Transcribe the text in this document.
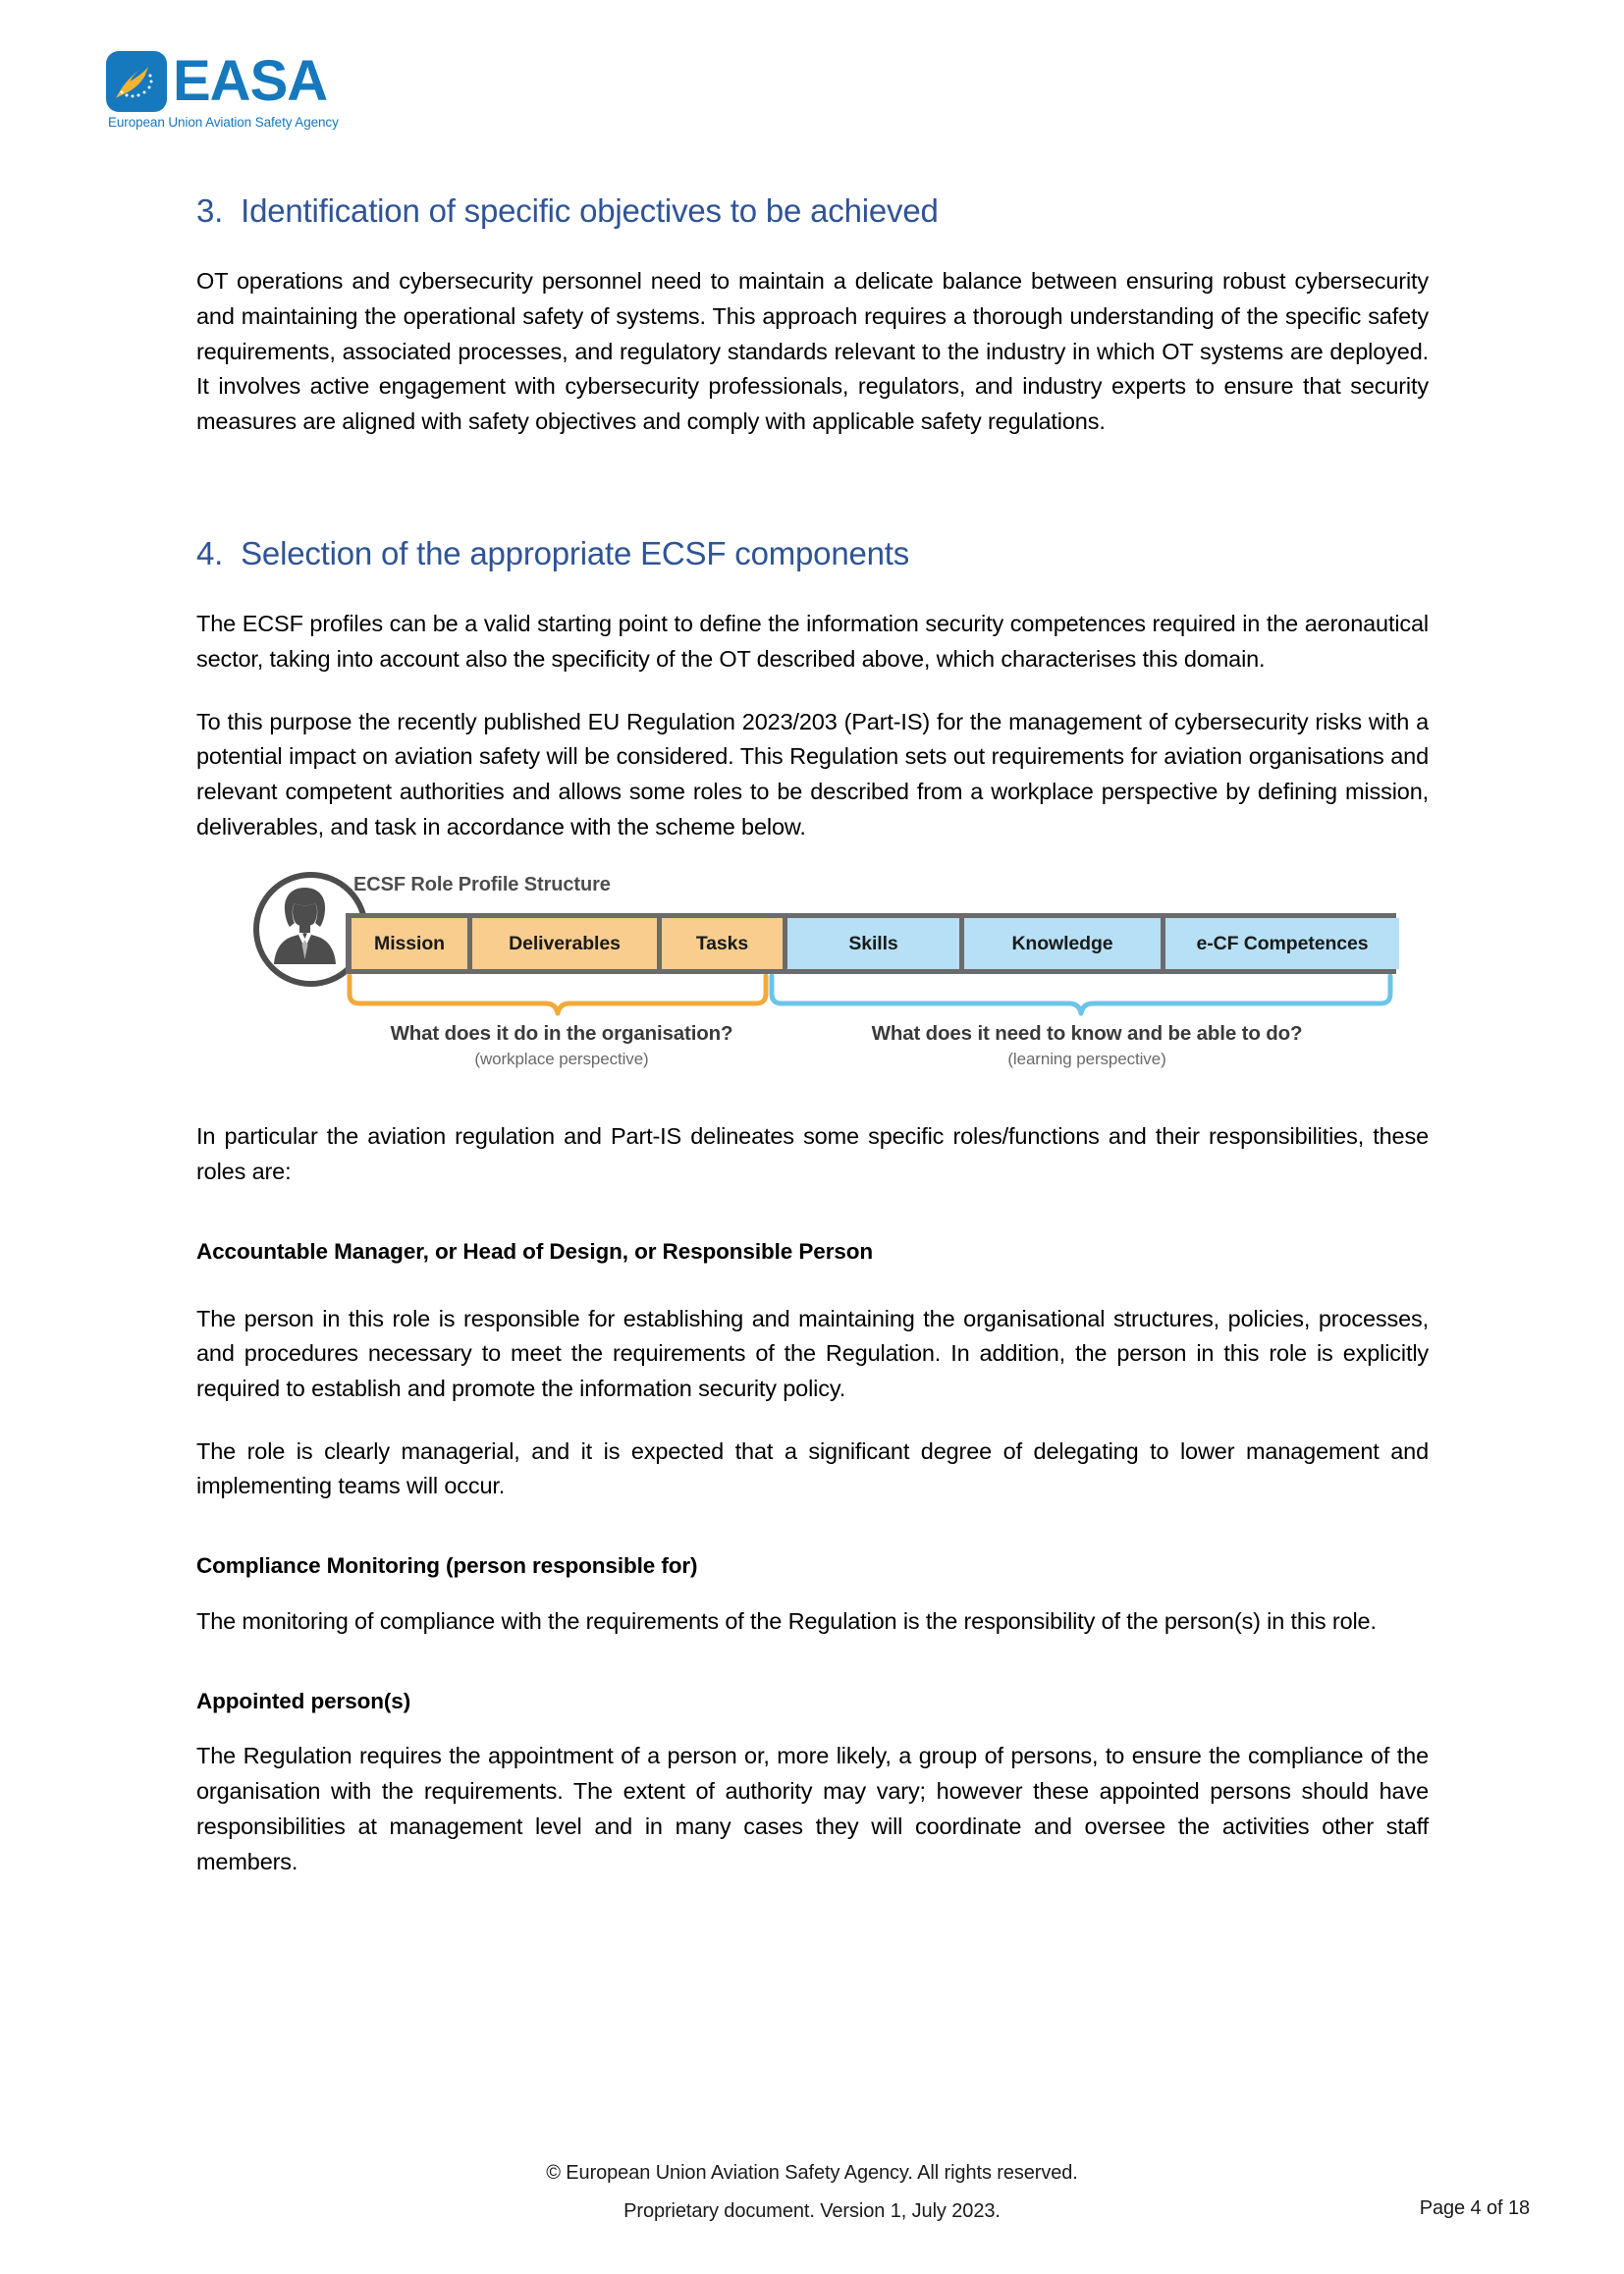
EASA
European Union Aviation Safety Agency
3. Identification of specific objectives to be achieved

OT operations and cybersecurity personnel need to maintain a delicate balance between ensuring robust cybersecurity and maintaining the operational safety of systems. This approach requires a thorough understanding of the specific safety requirements, associated processes, and regulatory standards relevant to the industry in which OT systems are deployed. It involves active engagement with cybersecurity professionals, regulators, and industry experts to ensure that security measures are aligned with safety objectives and comply with applicable safety regulations.

4. Selection of the appropriate ECSF components

The ECSF profiles can be a valid starting point to define the information security competences required in the aeronautical sector, taking into account also the specificity of the OT described above, which characterises this domain.

To this purpose the recently published EU Regulation 2023/203 (Part-IS) for the management of cybersecurity risks with a potential impact on aviation safety will be considered. This Regulation sets out requirements for aviation organisations and relevant competent authorities and allows some roles to be described from a workplace perspective by defining mission, deliverables, and task in accordance with the scheme below.

ECSF Role Profile Structure
Mission	Deliverables	Tasks	Skills	Knowledge	e-CF Competences
What does it do in the organisation?
(workplace perspective)
What does it need to know and be able to do?
(learning perspective)

In particular the aviation regulation and Part-IS delineates some specific roles/functions and their responsibilities, these roles are:

Accountable Manager, or Head of Design, or Responsible Person

The person in this role is responsible for establishing and maintaining the organisational structures, policies, processes, and procedures necessary to meet the requirements of the Regulation. In addition, the person in this role is explicitly required to establish and promote the information security policy.

The role is clearly managerial, and it is expected that a significant degree of delegating to lower management and implementing teams will occur.

Compliance Monitoring (person responsible for)

The monitoring of compliance with the requirements of the Regulation is the responsibility of the person(s) in this role.

Appointed person(s)

The Regulation requires the appointment of a person or, more likely, a group of persons, to ensure the compliance of the organisation with the requirements. The extent of authority may vary; however these appointed persons should have responsibilities at management level and in many cases they will coordinate and oversee the activities other staff members.

© European Union Aviation Safety Agency. All rights reserved.
Proprietary document. Version 1, July 2023.	Page 4 of 18
